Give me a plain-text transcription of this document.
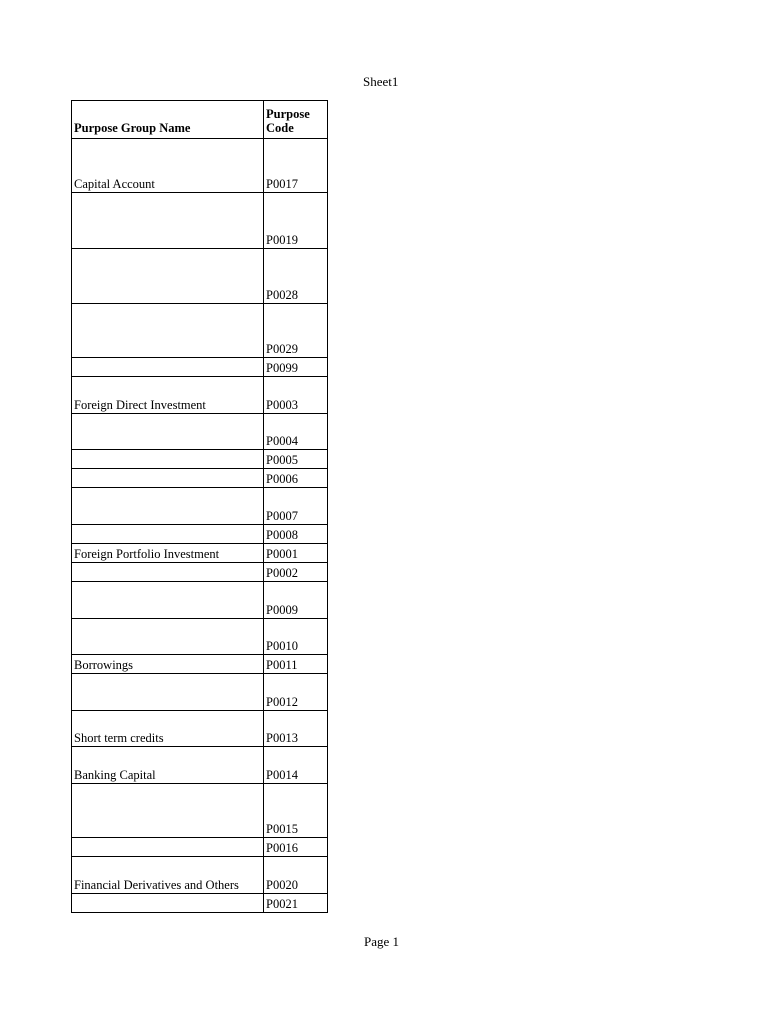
Sheet1
Purpose Group Name	Purpose Code
Capital Account	P0017
	P0019
	P0028
	P0029
	P0099
Foreign Direct Investment	P0003
	P0004
	P0005
	P0006
	P0007
	P0008
Foreign Portfolio Investment	P0001
	P0002
	P0009
	P0010
Borrowings	P0011
	P0012
Short term credits	P0013
Banking Capital	P0014
	P0015
	P0016
Financial Derivatives and Others	P0020
	P0021
Page 1
